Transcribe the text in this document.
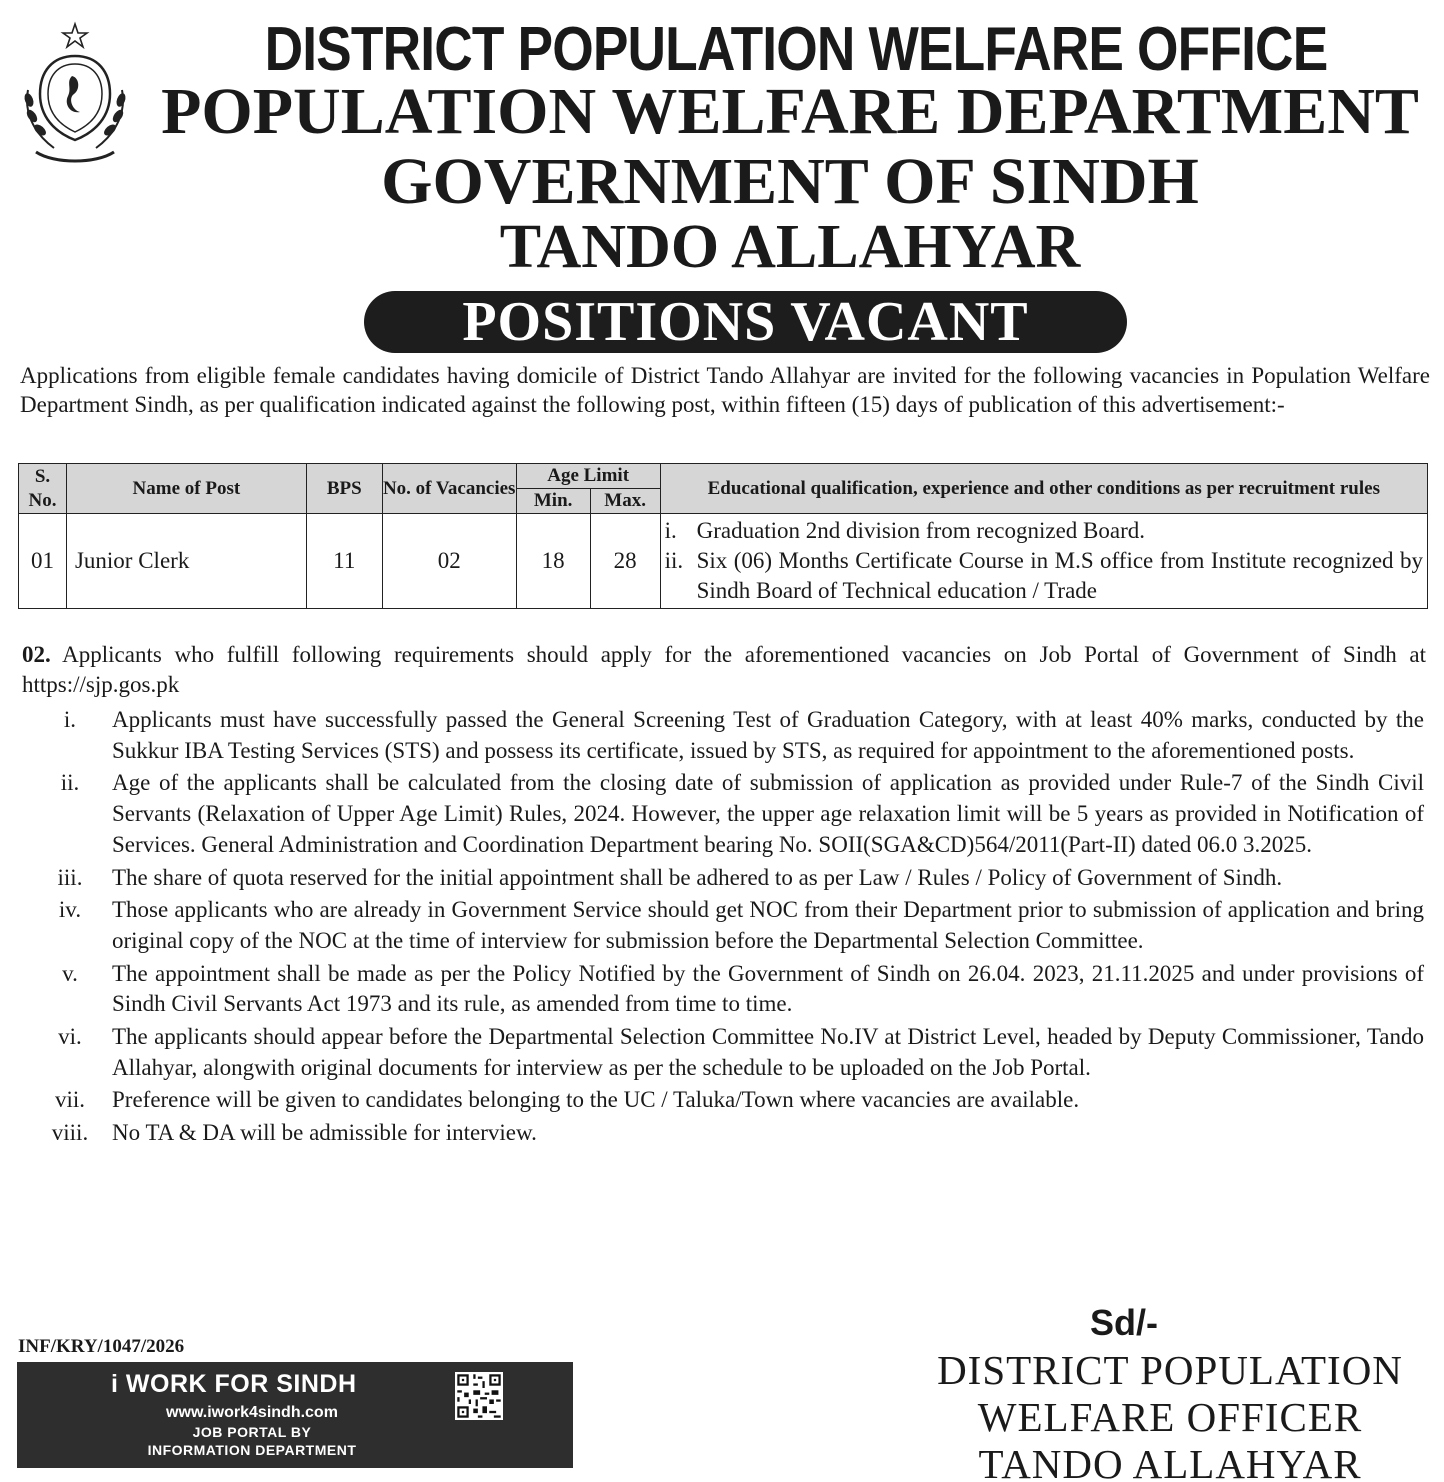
DISTRICT POPULATION WELFARE OFFICE
POPULATION WELFARE DEPARTMENT
GOVERNMENT OF SINDH
TANDO ALLAHYAR
POSITIONS VACANT

Applications from eligible female candidates having domicile of District Tando Allahyar are invited for the following vacancies in Population Welfare Department Sindh, as per qualification indicated against the following post, within fifteen (15) days of publication of this advertisement:-

S. No.	Name of Post	BPS	No. of Vacancies	Age Limit		Educational qualification, experience and other conditions as per recruitment rules
				Min.	Max.	
01	Junior Clerk	11	02	18	28	i. Graduation 2nd division from recognized Board.
ii. Six (06) Months Certificate Course in M.S office from Institute recognized by Sindh Board of Technical education / Trade

02. Applicants who fulfill following requirements should apply for the aforementioned vacancies on Job Portal of Government of Sindh at https://sjp.gos.pk

i.	Applicants must have successfully passed the General Screening Test of Graduation Category, with at least 40% marks, conducted by the Sukkur IBA Testing Services (STS) and possess its certificate, issued by STS, as required for appointment to the aforementioned posts.
ii.	Age of the applicants shall be calculated from the closing date of submission of application as provided under Rule-7 of the Sindh Civil Servants (Relaxation of Upper Age Limit) Rules, 2024. However, the upper age relaxation limit will be 5 years as provided in Notification of Services. General Administration and Coordination Department bearing No. SOII(SGA&CD)564/2011(Part-II) dated 06.0 3.2025.
iii.	The share of quota reserved for the initial appointment shall be adhered to as per Law / Rules / Policy of Government of Sindh.
iv.	Those applicants who are already in Government Service should get NOC from their Department prior to submission of application and bring original copy of the NOC at the time of interview for submission before the Departmental Selection Committee.
v.	The appointment shall be made as per the Policy Notified by the Government of Sindh on 26.04. 2023, 21.11.2025 and under provisions of Sindh Civil Servants Act 1973 and its rule, as amended from time to time.
vi.	The applicants should appear before the Departmental Selection Committee No.IV at District Level, headed by Deputy Commissioner, Tando Allahyar, alongwith original documents for interview as per the schedule to be uploaded on the Job Portal.
vii.	Preference will be given to candidates belonging to the UC / Taluka/Town where vacancies are available.
viii.	No TA & DA will be admissible for interview.
INF/KRY/1047/2026
i WORK FOR SINDH
www.iwork4sindh.com
JOB PORTAL BY
INFORMATION DEPARTMENT
Sd/-
DISTRICT POPULATION
WELFARE OFFICER
TANDO ALLAHYAR
